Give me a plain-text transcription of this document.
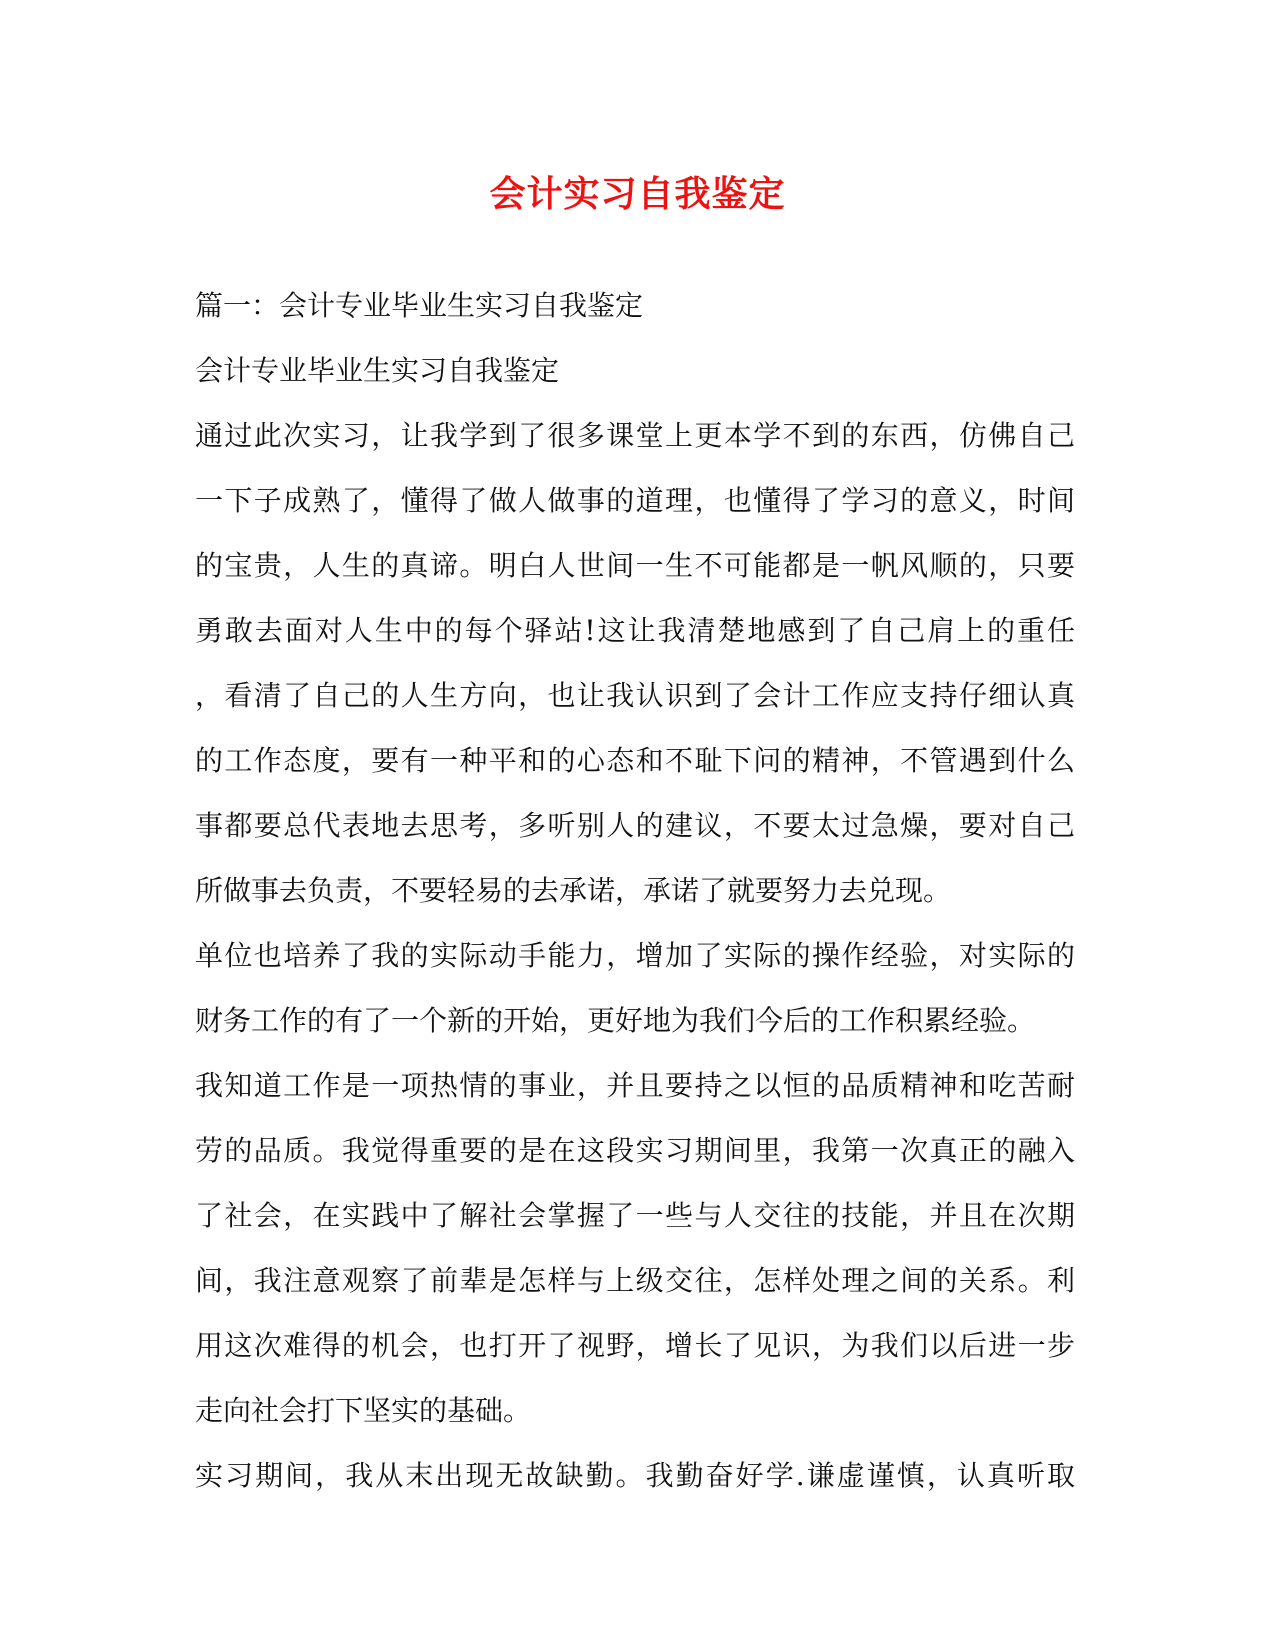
会计实习自我鉴定
篇一：会计专业毕业生实习自我鉴定
会计专业毕业生实习自我鉴定
通过此次实习，让我学到了很多课堂上更本学不到的东西，仿佛自己
一下子成熟了，懂得了做人做事的道理，也懂得了学习的意义，时间
的宝贵，人生的真谛。明白人世间一生不可能都是一帆风顺的，只要
勇敢去面对人生中的每个驿站!这让我清楚地感到了自己肩上的重任
，看清了自己的人生方向，也让我认识到了会计工作应支持仔细认真
的工作态度，要有一种平和的心态和不耻下问的精神，不管遇到什么
事都要总代表地去思考，多听别人的建议，不要太过急燥，要对自己
所做事去负责，不要轻易的去承诺，承诺了就要努力去兑现。
单位也培养了我的实际动手能力，增加了实际的操作经验，对实际的
财务工作的有了一个新的开始，更好地为我们今后的工作积累经验。
我知道工作是一项热情的事业，并且要持之以恒的品质精神和吃苦耐
劳的品质。我觉得重要的是在这段实习期间里，我第一次真正的融入
了社会，在实践中了解社会掌握了一些与人交往的技能，并且在次期
间，我注意观察了前辈是怎样与上级交往，怎样处理之间的关系。利
用这次难得的机会，也打开了视野，增长了见识，为我们以后进一步
走向社会打下坚实的基础。
实习期间，我从末出现无故缺勤。我勤奋好学.谦虚谨慎，认真听取
